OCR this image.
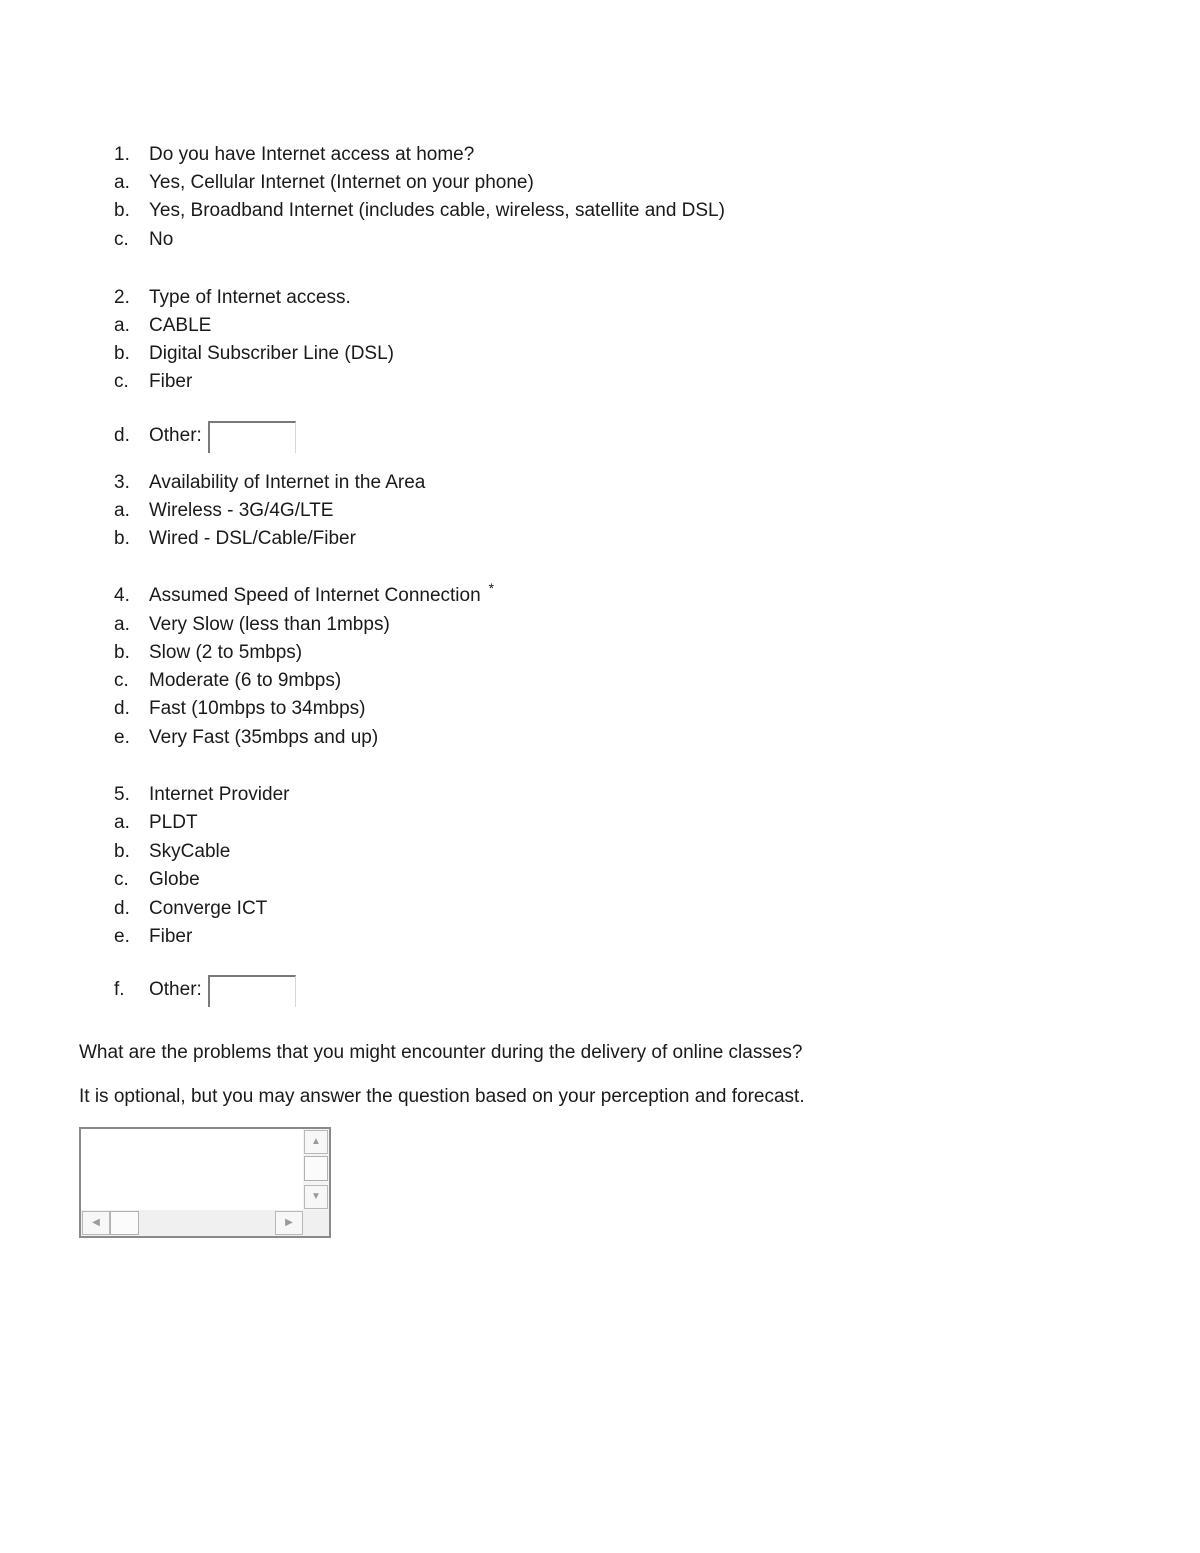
1.	Do you have Internet access at home?
a.	Yes, Cellular Internet (Internet on your phone)
b.	Yes, Broadband Internet (includes cable, wireless, satellite and DSL)
c.	No
2.	Type of Internet access.
a.	CABLE
b.	Digital Subscriber Line (DSL)
c.	Fiber
d.	Other:
3.	Availability of Internet in the Area
a.	Wireless - 3G/4G/LTE
b.	Wired - DSL/Cable/Fiber
4.	Assumed Speed of Internet Connection *
a.	Very Slow (less than 1mbps)
b.	Slow (2 to 5mbps)
c.	Moderate (6 to 9mbps)
d.	Fast (10mbps to 34mbps)
e.	Very Fast (35mbps and up)
5.	Internet Provider
a.	PLDT
b.	SkyCable
c.	Globe
d.	Converge ICT
e.	Fiber
f.	Other:
What are the problems that you might encounter during the delivery of online classes?
It is optional, but you may answer the question based on your perception and forecast.
▲
▼
◀	▶
